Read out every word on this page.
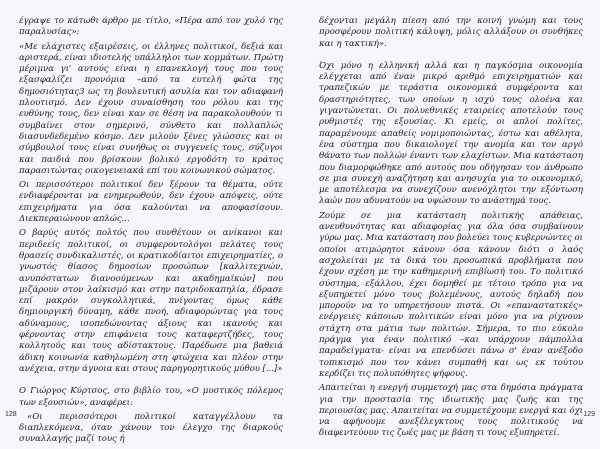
έγραψε το κάτωθι άρθρο με τίτλο, «Πέρα από τον χυλό της παραλυσίας»:

«Με ελάχιστες εξαιρέσεις, οι έλληνες πολιτικοί, δεξιά και αριστερά, είναι ιδιοτελής υπάλληλοι των κομμάτων. Πρώτη μέριμνα γι' αυτούς είναι η επανεκλογή τους που τους εξασφαλίζει προνόμια –από τα ευτελή φώτα της δημοσιότητας3 ως τη βουλευτική ασυλία και τον αδιαφανή πλουτισμό. Δεν έχουν συναίσθηση του ρόλου και της ευθύνης τους, δεν είναι καν σε θέση να παρακολουθούν τι συμβαίνει στον σημερινό, σύνθετο και πολλαπλώς διασυνδεδεμένο κόσμο. Δεν μιλούν ξένες γλώσσες και οι σύμβουλοί τους είναι συνήθως οι συγγενείς τους, σύζυγοι και παιδιά που βρίσκουν βολικό εργοδότη το κράτος παρασιτώντας οικογενειακά επί του κοινωνικού σώματος.

Οι περισσότεροι πολιτικοί δεν ξέρουν τα θέματα, ούτε ενδιαφέρονται να ενημερωθούν, δεν έχουν απόψεις, ούτε επιχειρήματα για όσα καλούνται να αποφασίσουν. Διεκπεραιώνουν απλώς...

Ο βαρύς αυτός πολτός που συνθέτουν οι ανίκανοι και περιδεείς πολιτικοί, οι συμφεροντολόγοι πελάτες τους θρασείς συνδικαλιστές, οι κρατικοδίαιτοι επιχειρηματίες, ο γνωστός θίασος δημοσίων προσώπων [καλλιτεχνών, ανυπόστατων διανοούμενων και ακαδημαϊκών] που μιζάρουν στον λαϊκισμό και στην πατριδοκαπηλία, έδρασε επί μακρόν συγκολλητικά, πνίγοντας όμως κάθε δημιουργική δύναμη, κάθε πνοή, αδιαφορώντας για τους αδύναμους, ισοπεδώνοντας άξιους και ικανούς και φέρνοντας στην επιφάνεια τους καταφερτζήδες, τους κολλητούς και τους αδίστακτους. Παρέδωσε μια βαθειά άδικη κοινωνία καθηλωμένη στη φτώχεια και πλέον στην ανέχεια, στην άγνοια και στους παρηγορητικούς μύθου [...]»

Ο Γιώργος Κύρτσος, στο βιβλίο του, «Ο μυστικός πόλεμος των εξουσιών», αναφέρει:

«Οι περισσότεροι πολιτικοί καταγγέλλουν τα διαπλεκόμενα, όταν χάνουν τον έλεγχο της διαρκούς συναλλαγής μαζί τους ή

128

δέχονται μεγάλη πίεση από την κοινή γνώμη και τους προσφέρουν πολιτική κάλυψη, μόλις αλλάξουν οι συνθήκες και η τακτική».

Όχι μόνο η ελληνική αλλά και η παγκόσμια οικονομία ελέγχεται από έναν μικρό αριθμό επιχειρηματιών και τραπεζικών με τεράστια οικονομικά συμφέροντα και δραστηριότητες, των οποίων η ισχύ τους ολοένα και γιγαντώνεται. Οι πολυεθνικές εταιρείες αποτελούν τους ρυθμιστές της εξουσίας. Κι εμείς, οι απλοί πολίτες, παραμένουμε απαθείς νομιμοποιώντας, έστω και αθέλητα, ένα σύστημα που δικαιολογεί την ανομία και τον αργό θάνατο των πολλών έναντι των ελαχίστων. Μια κατάσταση που διαμορφώθηκε από αυτούς που οδήγησαν τον άνθρωπο σε μια συνεχή αναζήτηση και ανησυχία για το οικονομικό, με αποτέλεσμα να συνεχίζουν ανενόχλητοι την εξόντωση λαών που αδυνατούν να υψώσουν το ανάστημά τους.

Ζούμε σε μια κατάσταση πολιτικής απάθειας, ανευθυνότητας και αδιαφορίας για όλα όσα συμβαίνουν γύρω μας. Μια κατάσταση που βολεύει τους κυβερνώντες οι οποίοι ατιμώρητοι κάνουν όσα κάνουν διότι ο λαός ασχολείται με τα δικά του προσωπικά προβλήματα που έχουν σχέση με την καθημερινή επιβίωσή του. Το πολιτικό σύστημα, εξάλλου, έχει δομηθεί με τέτοιο τρόπο για να εξυπηρετεί μόνο τους βολεμένους, αυτούς δηλαδή που μπορούν να το υπηρετήσουν πιστά. Οι «επαναστατικές» ενέργειες κάποιων πολιτικών είναι μόνο για να ρίχνουν στάχτη στα μάτια των πολιτών. Σήμερα, το πιο εύκολο πράγμα για έναν πολιτικό –και υπάρχουν πάμπολλα παραδείγματα- είναι να επενδύσει πάνω σ' έναν ανέξοδο τοπικισμό που τον κάνει συμπαθή και ως εκ τούτου κερδίζει τις πολυπόθητες ψήφους.

Απαιτείται η ενεργή συμμετοχή μας στα δημόσια πράγματα για την προστασία της ιδιωτικής μας ζωής και της περιουσίας μας. Απαιτείται να συμμετέχουμε ενεργά και όχι να αφήνουμε ανεξέλεγκτους τους πολιτικούς να διαφεντεύουν τις ζωές μας με βάση τι τους εξυπηρετεί.

129
